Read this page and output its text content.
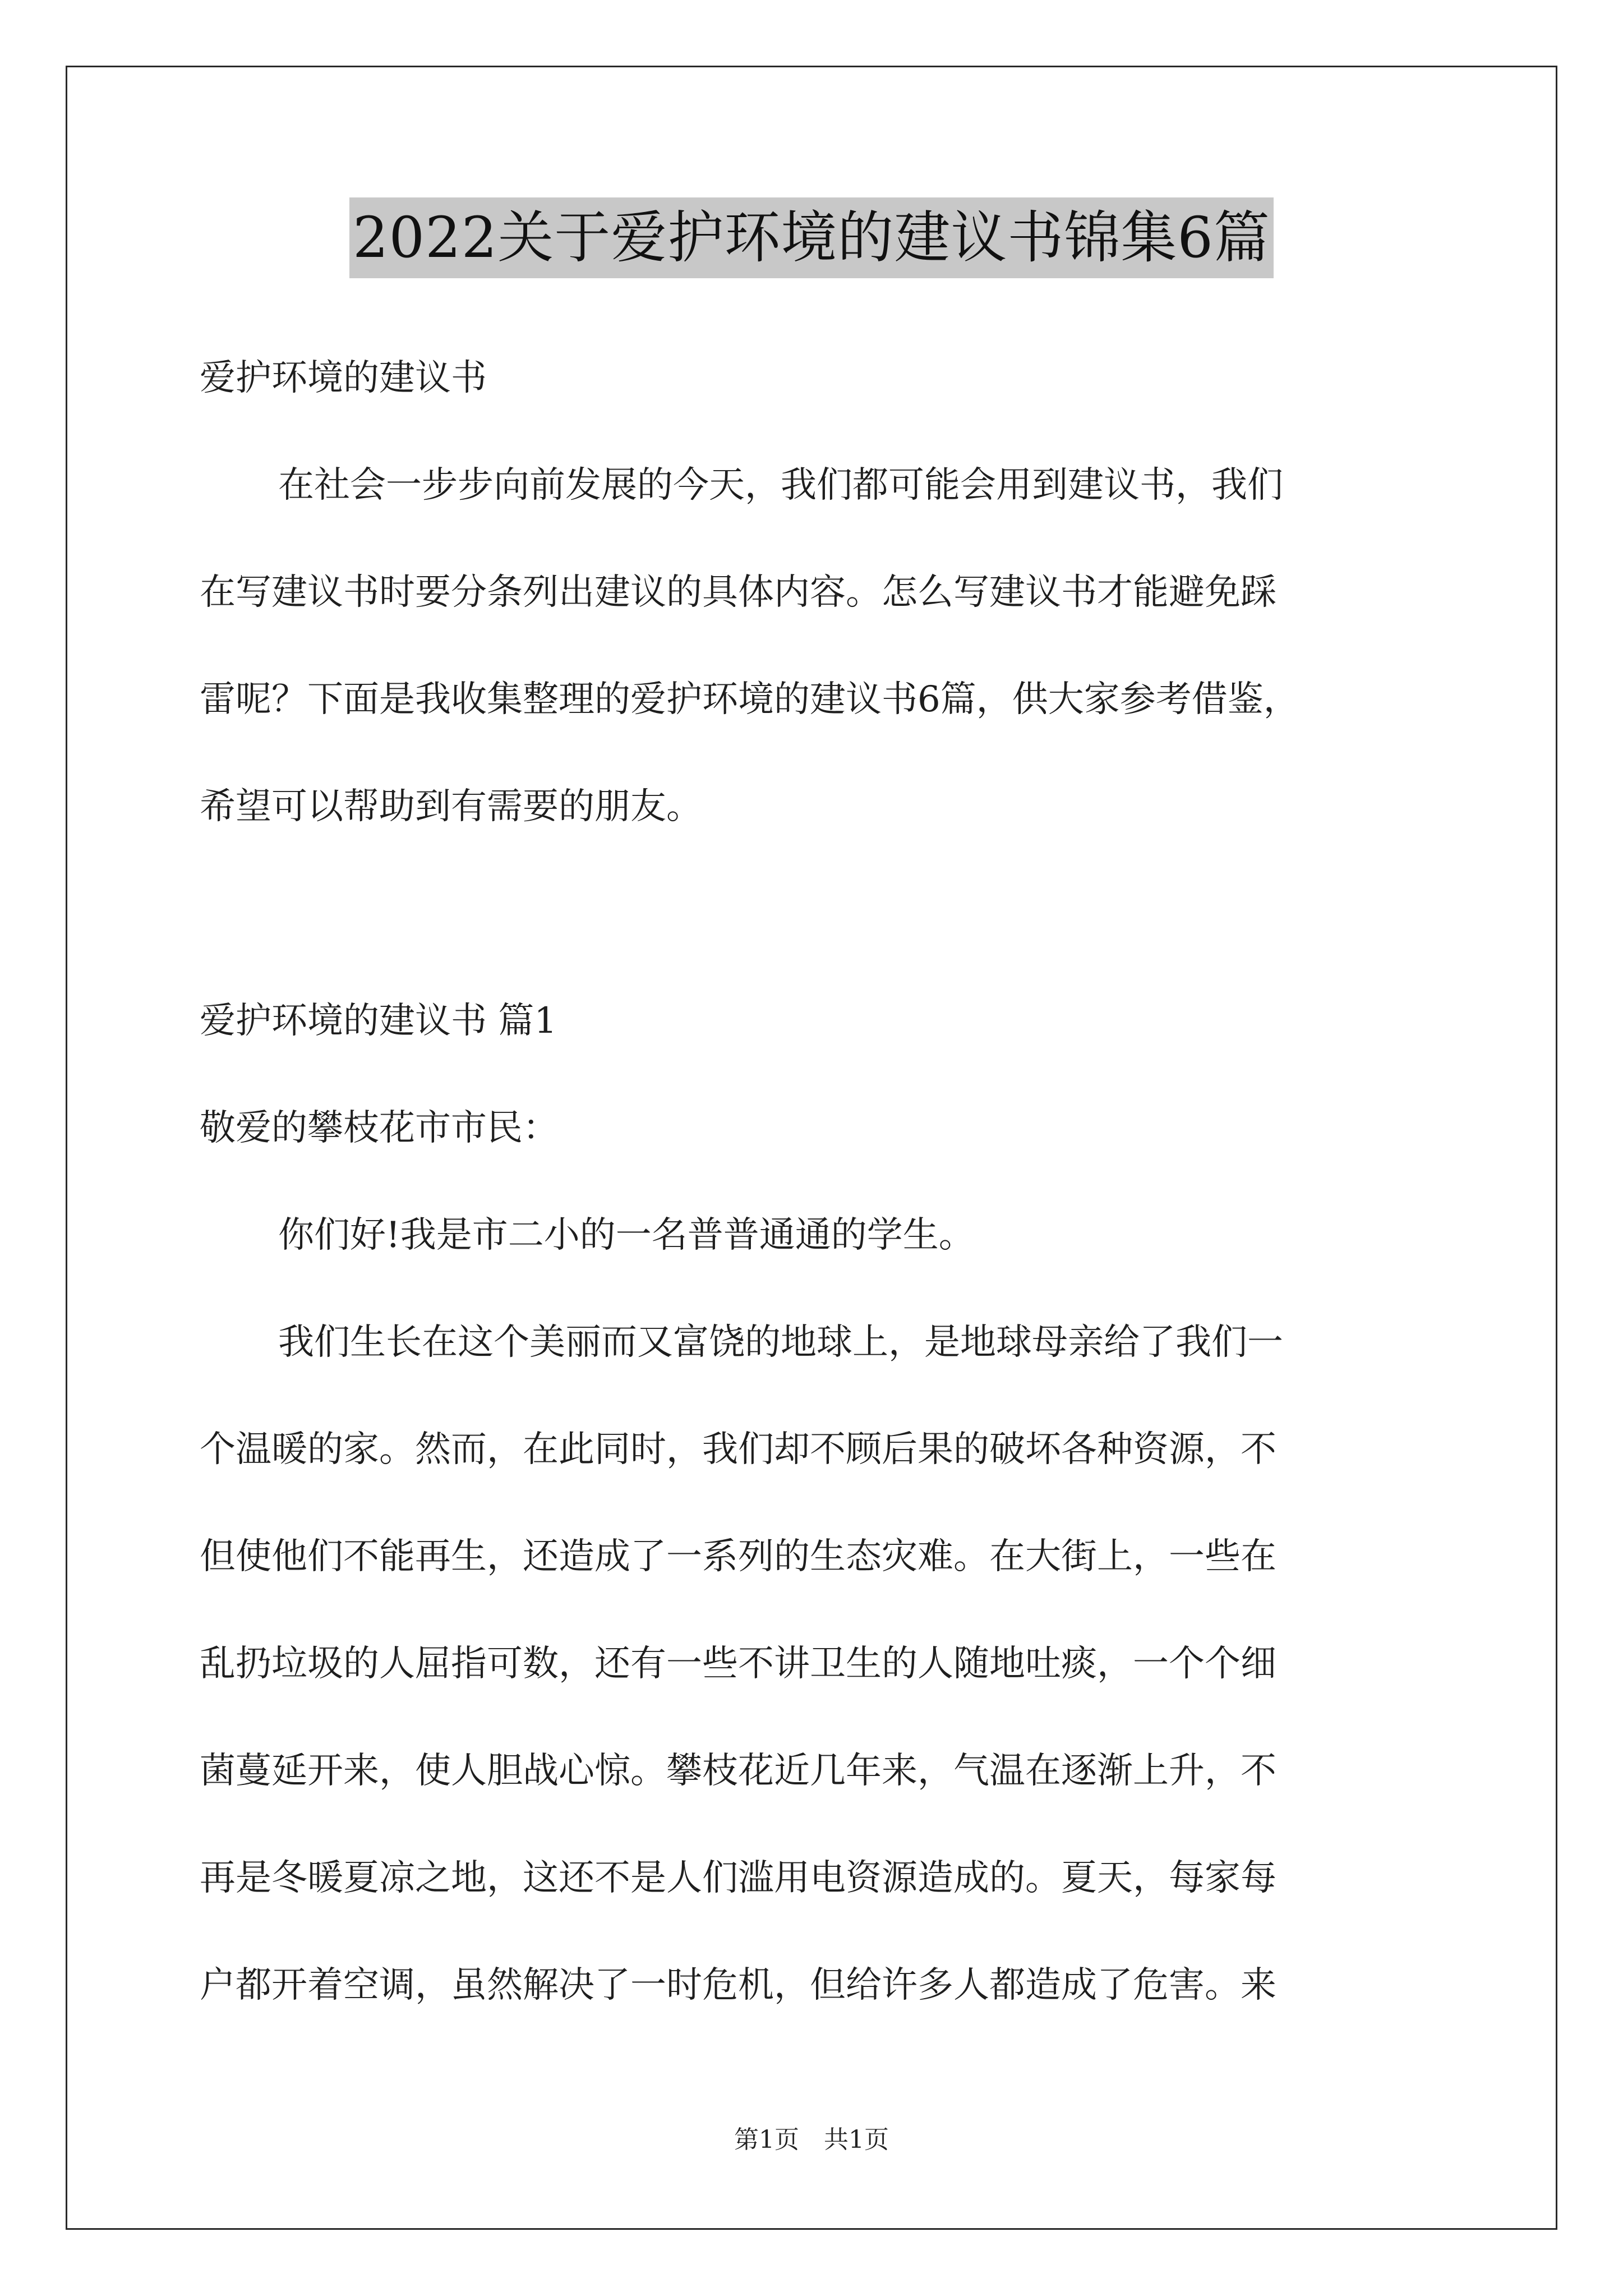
2022关于爱护环境的建议书锦集6篇
爱护环境的建议书
在社会一步步向前发展的今天，我们都可能会用到建议书，我们
在写建议书时要分条列出建议的具体内容。怎么写建议书才能避免踩
雷呢？下面是我收集整理的爱护环境的建议书6篇，供大家参考借鉴，
希望可以帮助到有需要的朋友。
爱护环境的建议书 篇1
敬爱的攀枝花市市民：
你们好!我是市二小的一名普普通通的学生。
我们生长在这个美丽而又富饶的地球上，是地球母亲给了我们一
个温暖的家。然而，在此同时，我们却不顾后果的破坏各种资源，不
但使他们不能再生，还造成了一系列的生态灾难。在大街上，一些在
乱扔垃圾的人屈指可数，还有一些不讲卫生的人随地吐痰，一个个细
菌蔓延开来，使人胆战心惊。攀枝花近几年来，气温在逐渐上升，不
再是冬暖夏凉之地，这还不是人们滥用电资源造成的。夏天，每家每
户都开着空调，虽然解决了一时危机，但给许多人都造成了危害。来
第1页　共1页
